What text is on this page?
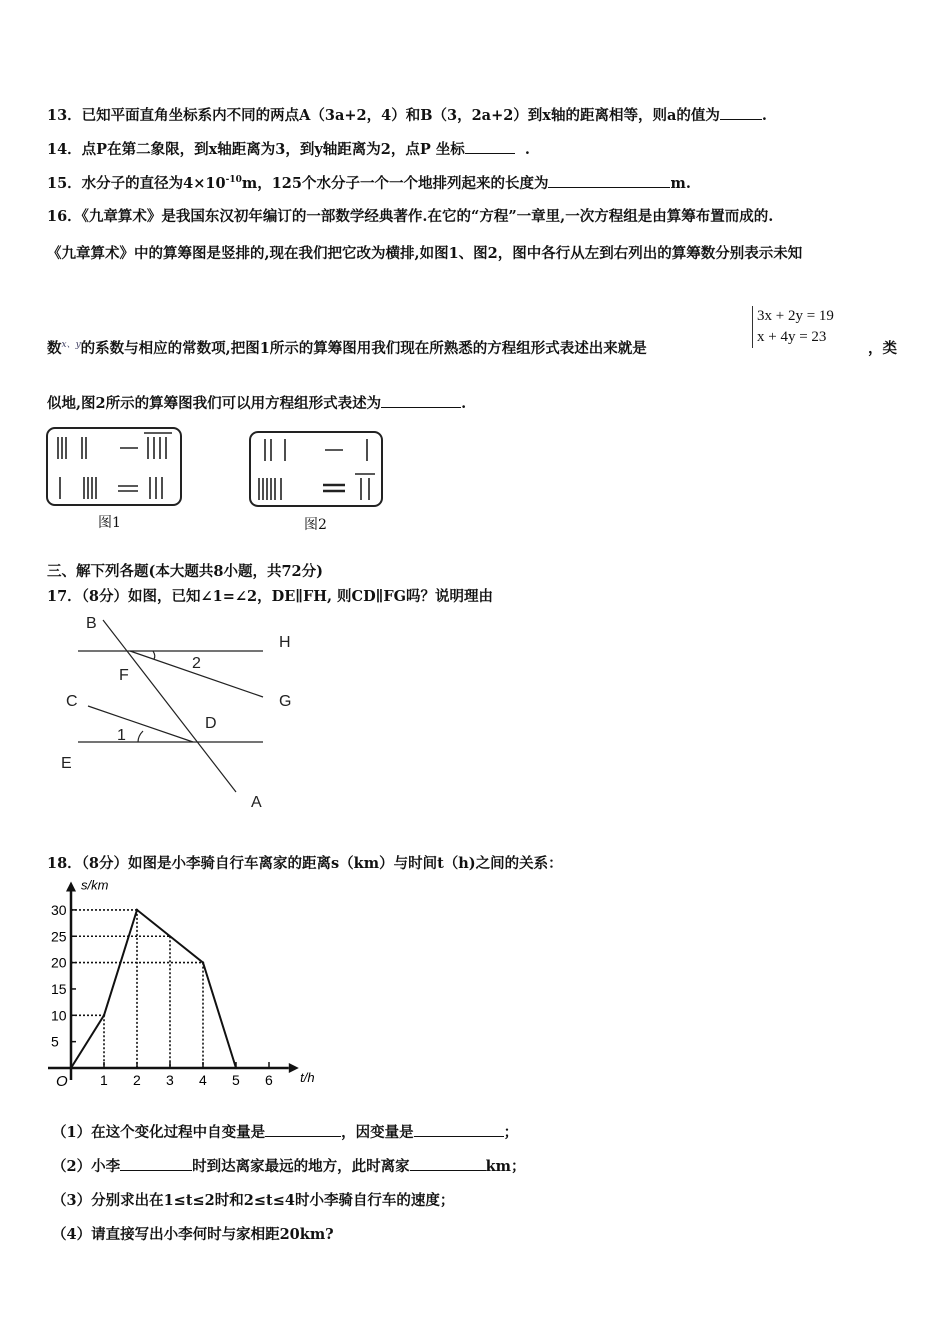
13．已知平面直角坐标系内不同的两点A（3a+2，4）和B（3，2a+2）到x轴的距离相等，则a的值为	.
14．点P在第二象限，到x轴距离为3，到y轴距离为2，点P 坐标	.
15．水分子的直径为$4\times 10^{-10}m$，125个水分子一个一个地排列起来的长度为	m.
16．《九章算术》是我国东汉初年编订的一部数学经典著作.在它的“方程”一章里,一次方程组是由算筹布置而成的.
《九章算术》中的算筹图是竖排的,现在我们把它改为横排,如图1、图2，图中各行从左到右列出的算筹数分别表示未知
数$^{x、y}$的系数与相应的常数项,把图1所示的算筹图用我们现在所熟悉的方程组形式表述出来就是
3x + 2y = 19
x + 4y = 23
，类
似地,图2所示的算筹图我们可以用方程组形式表述为	.
图1	图2
三、解下列各题(本大题共8小题，共72分)
17．（8分）如图，已知∠1=∠2，DE∥FH, 则CD∥FG吗？说明理由
B
H
F
2
G
C
D
1
E
A
t/h
s/km
O 1 2 3 4 5 6
5
10
15
20
25
30
18．（8分）如图是小李骑自行车离家的距离s（km）与时间t（h)之间的关系：
（1）在这个变化过程中自变量是	，因变量是	；
（2）小李	时到达离家最远的地方，此时离家	km；
（3）分别求出在1≤t≤2时和2≤t≤4时小李骑自行车的速度；
（4）请直接写出小李何时与家相距20km?
